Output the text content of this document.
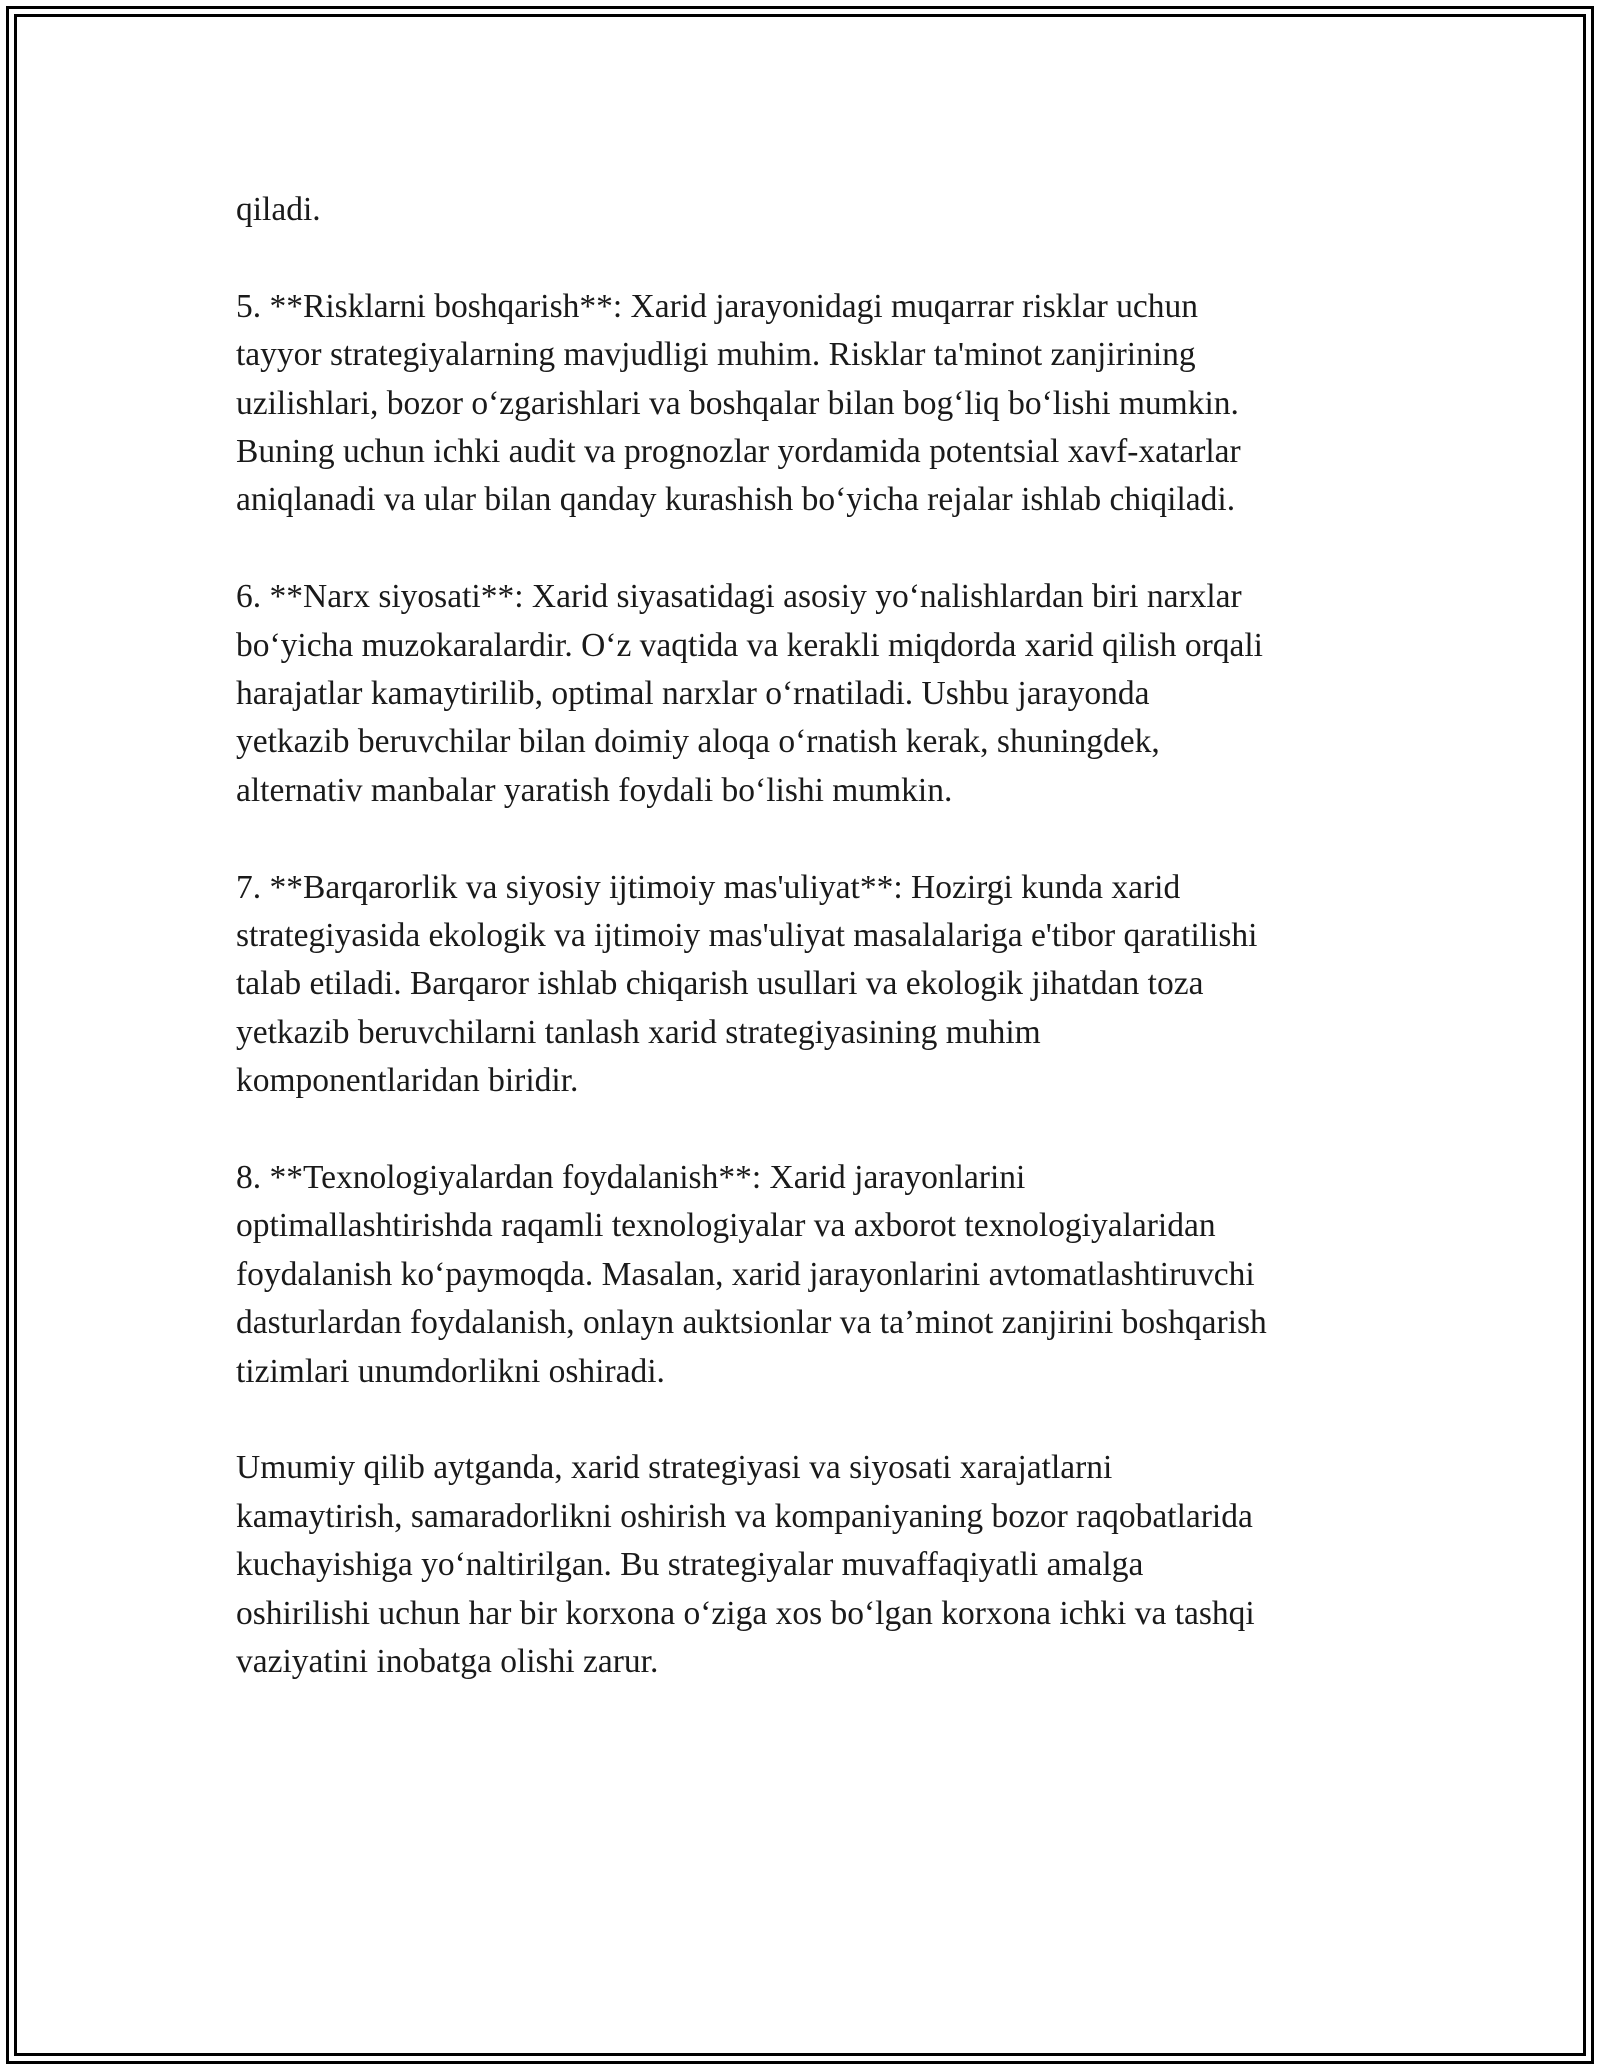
qiladi.

5. **Risklarni boshqarish**: Xarid jarayonidagi muqarrar risklar uchun
tayyor strategiyalarning mavjudligi muhim. Risklar ta'minot zanjirining
uzilishlari, bozor o‘zgarishlari va boshqalar bilan bog‘liq bo‘lishi mumkin.
Buning uchun ichki audit va prognozlar yordamida potentsial xavf-xatarlar
aniqlanadi va ular bilan qanday kurashish bo‘yicha rejalar ishlab chiqiladi.

6. **Narx siyosati**: Xarid siyasatidagi asosiy yo‘nalishlardan biri narxlar
bo‘yicha muzokaralardir. O‘z vaqtida va kerakli miqdorda xarid qilish orqali
harajatlar kamaytirilib, optimal narxlar o‘rnatiladi. Ushbu jarayonda
yetkazib beruvchilar bilan doimiy aloqa o‘rnatish kerak, shuningdek,
alternativ manbalar yaratish foydali bo‘lishi mumkin.

7. **Barqarorlik va siyosiy ijtimoiy mas'uliyat**: Hozirgi kunda xarid
strategiyasida ekologik va ijtimoiy mas'uliyat masalalariga e'tibor qaratilishi
talab etiladi. Barqaror ishlab chiqarish usullari va ekologik jihatdan toza
yetkazib beruvchilarni tanlash xarid strategiyasining muhim
komponentlaridan biridir.

8. **Texnologiyalardan foydalanish**: Xarid jarayonlarini
optimallashtirishda raqamli texnologiyalar va axborot texnologiyalaridan
foydalanish ko‘paymoqda. Masalan, xarid jarayonlarini avtomatlashtiruvchi
dasturlardan foydalanish, onlayn auktsionlar va ta’minot zanjirini boshqarish
tizimlari unumdorlikni oshiradi.

Umumiy qilib aytganda, xarid strategiyasi va siyosati xarajatlarni
kamaytirish, samaradorlikni oshirish va kompaniyaning bozor raqobatlarida
kuchayishiga yo‘naltirilgan. Bu strategiyalar muvaffaqiyatli amalga
oshirilishi uchun har bir korxona o‘ziga xos bo‘lgan korxona ichki va tashqi
vaziyatini inobatga olishi zarur.
